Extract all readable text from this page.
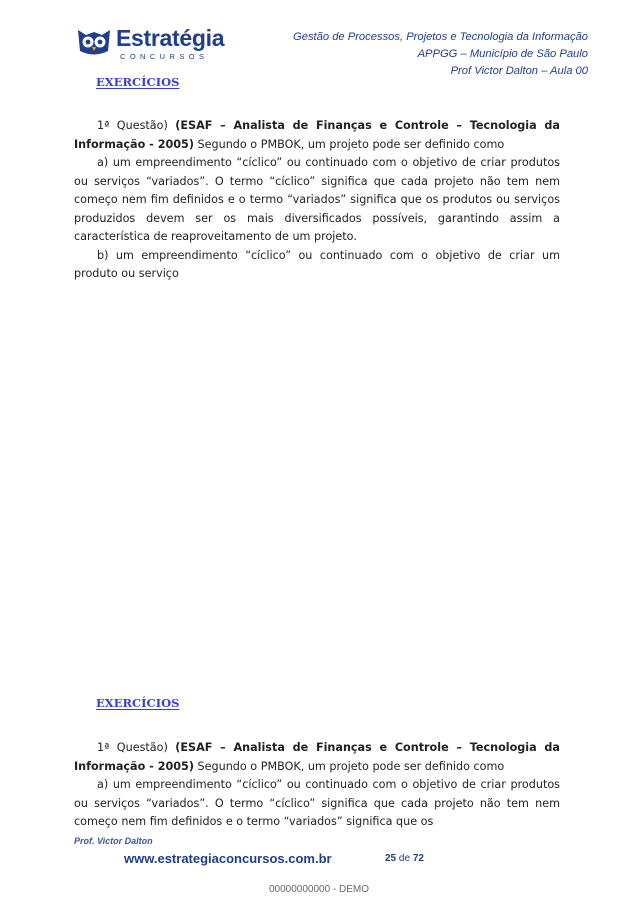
Estratégia
CONCURSOS
Gestão de Processos, Projetos e Tecnologia da Informação
APPGG – Município de São Paulo
Prof Victor Dalton – Aula 00
EXERCÍCIOS

1ª Questão) (ESAF – Analista de Finanças e Controle – Tecnologia da Informação - 2005) Segundo o PMBOK, um projeto pode ser definido como

a) um empreendimento “cíclico” ou continuado com o objetivo de criar produtos ou serviços “variados”. O termo “cíclico” significa que cada projeto não tem nem começo nem fim definidos e o termo “variados” significa que os produtos ou serviços produzidos devem ser os mais diversificados possíveis, garantindo assim a característica de reaproveitamento de um projeto.

b) um empreendimento “cíclico” ou continuado com o objetivo de criar um produto ou serviço

EXERCÍCIOS

1ª Questão) (ESAF – Analista de Finanças e Controle – Tecnologia da Informação - 2005) Segundo o PMBOK, um projeto pode ser definido como

a) um empreendimento “cíclico” ou continuado com o objetivo de criar produtos ou serviços “variados”. O termo “cíclico” significa que cada projeto não tem nem começo nem fim definidos e o termo “variados” significa que os

Prof. Victor Dalton
www.estrategiaconcursos.com.br	25 de 72
00000000000 - DEMO
